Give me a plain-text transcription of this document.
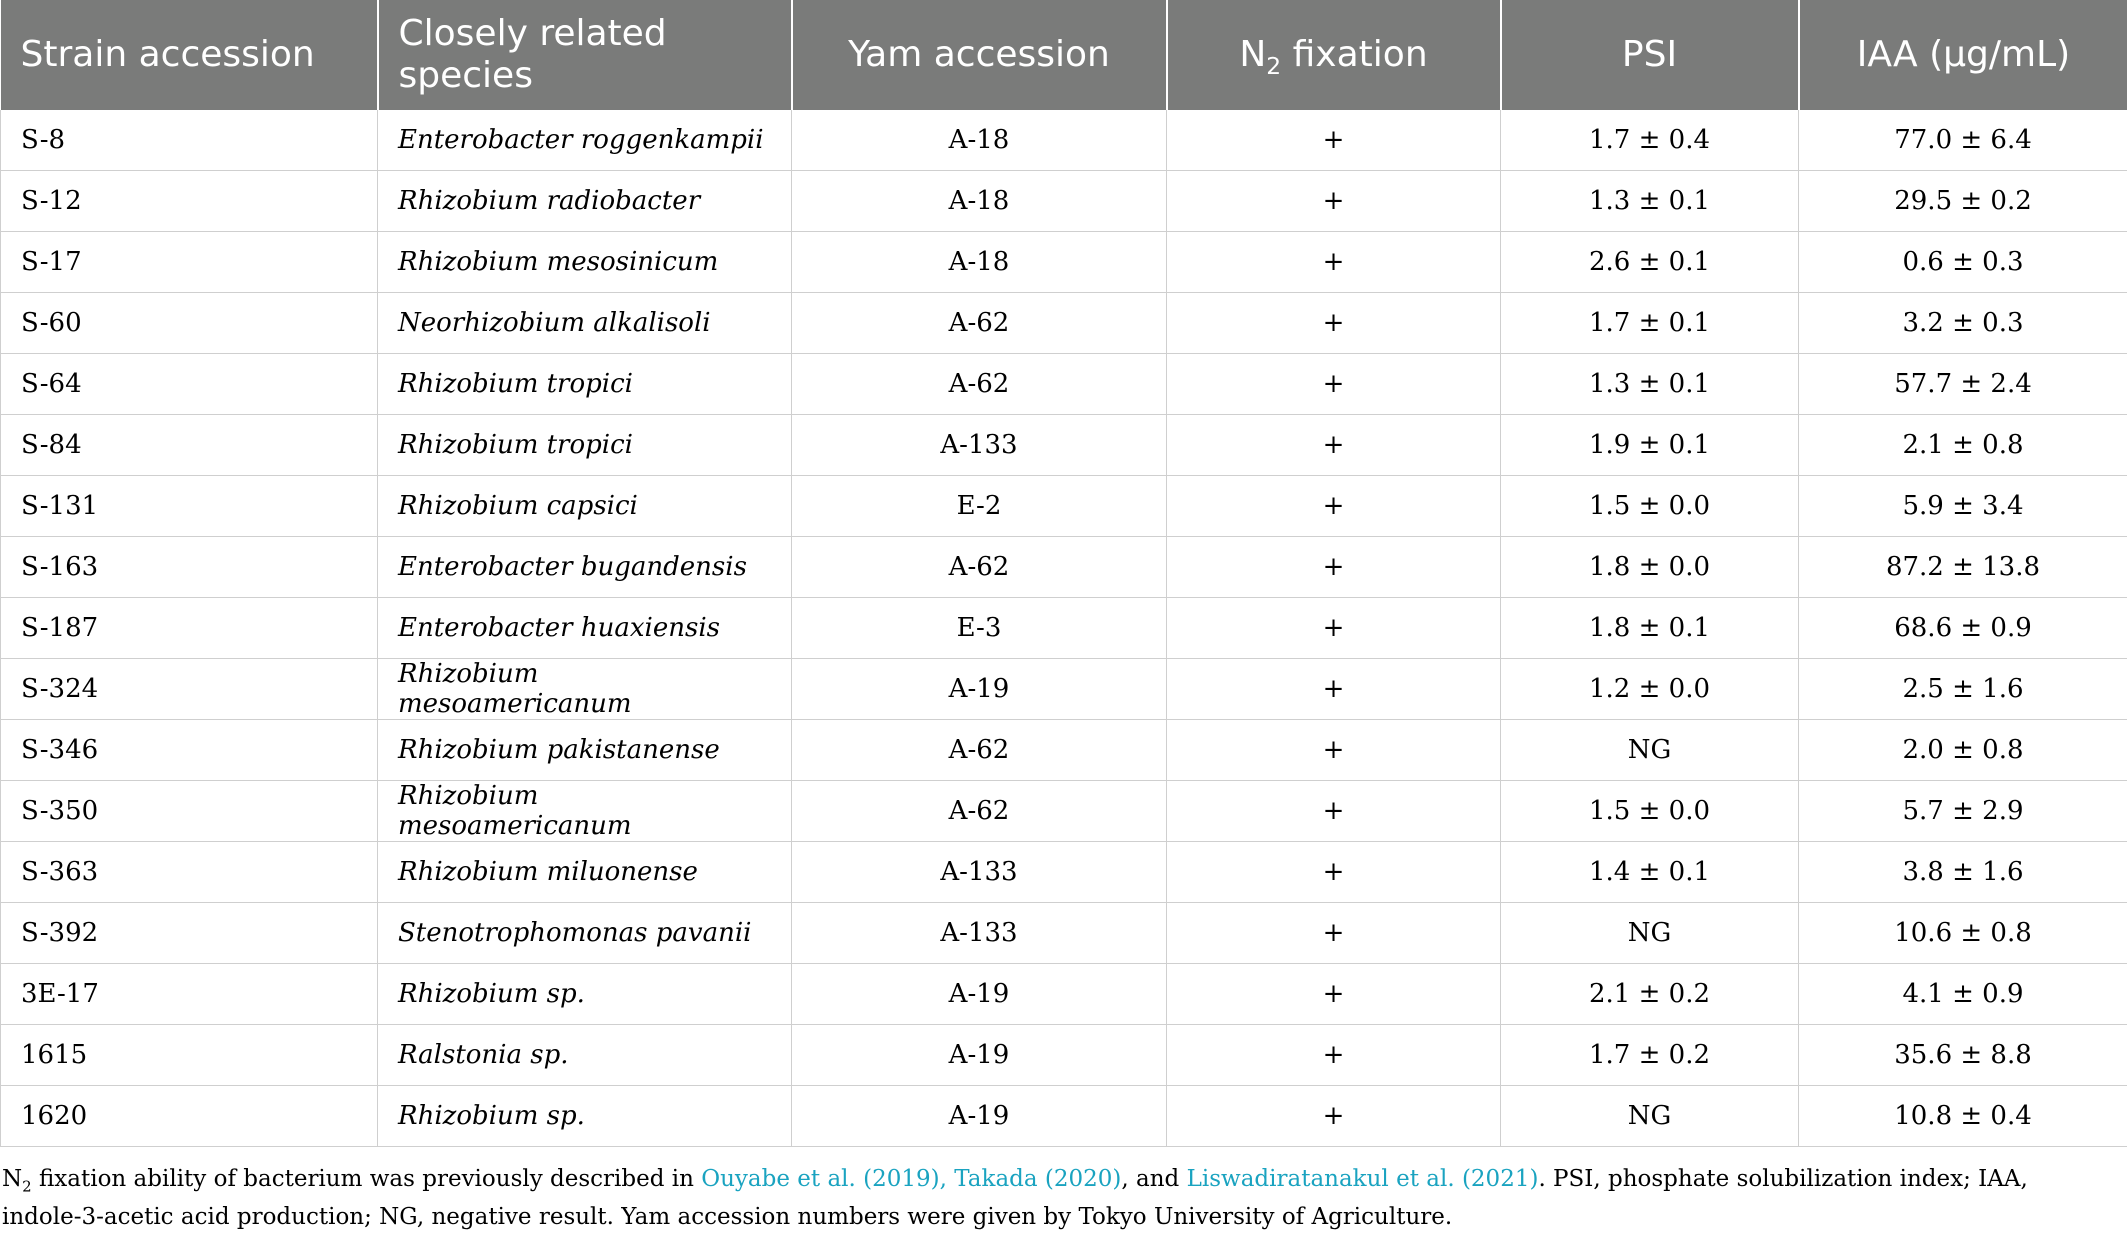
Strain accession	Closely related species	Yam accession	$N_2$ fixation	PSI	IAA (μg/mL)
S-8	Enterobacter roggenkampii	A-18	+	1.7 ± 0.4	77.0 ± 6.4
S-12	Rhizobium radiobacter	A-18	+	1.3 ± 0.1	29.5 ± 0.2
S-17	Rhizobium mesosinicum	A-18	+	2.6 ± 0.1	0.6 ± 0.3
S-60	Neorhizobium alkalisoli	A-62	+	1.7 ± 0.1	3.2 ± 0.3
S-64	Rhizobium tropici	A-62	+	1.3 ± 0.1	57.7 ± 2.4
S-84	Rhizobium tropici	A-133	+	1.9 ± 0.1	2.1 ± 0.8
S-131	Rhizobium capsici	E-2	+	1.5 ± 0.0	5.9 ± 3.4
S-163	Enterobacter bugandensis	A-62	+	1.8 ± 0.0	87.2 ± 13.8
S-187	Enterobacter huaxiensis	E-3	+	1.8 ± 0.1	68.6 ± 0.9
S-324	Rhizobium mesoamericanum	A-19	+	1.2 ± 0.0	2.5 ± 1.6
S-346	Rhizobium pakistanense	A-62	+	NG	2.0 ± 0.8
S-350	Rhizobium mesoamericanum	A-62	+	1.5 ± 0.0	5.7 ± 2.9
S-363	Rhizobium miluonense	A-133	+	1.4 ± 0.1	3.8 ± 1.6
S-392	Stenotrophomonas pavanii	A-133	+	NG	10.6 ± 0.8
3E-17	Rhizobium sp.	A-19	+	2.1 ± 0.2	4.1 ± 0.9
1615	Ralstonia sp.	A-19	+	1.7 ± 0.2	35.6 ± 8.8
1620	Rhizobium sp.	A-19	+	NG	10.8 ± 0.4
$N_2$ fixation ability of bacterium was previously described in Ouyabe et al. (2019), Takada (2020), and Liswadiratanakul et al. (2021). PSI, phosphate solubilization index; IAA, indole-3-acetic acid production; NG, negative result. Yam accession numbers were given by Tokyo University of Agriculture.
